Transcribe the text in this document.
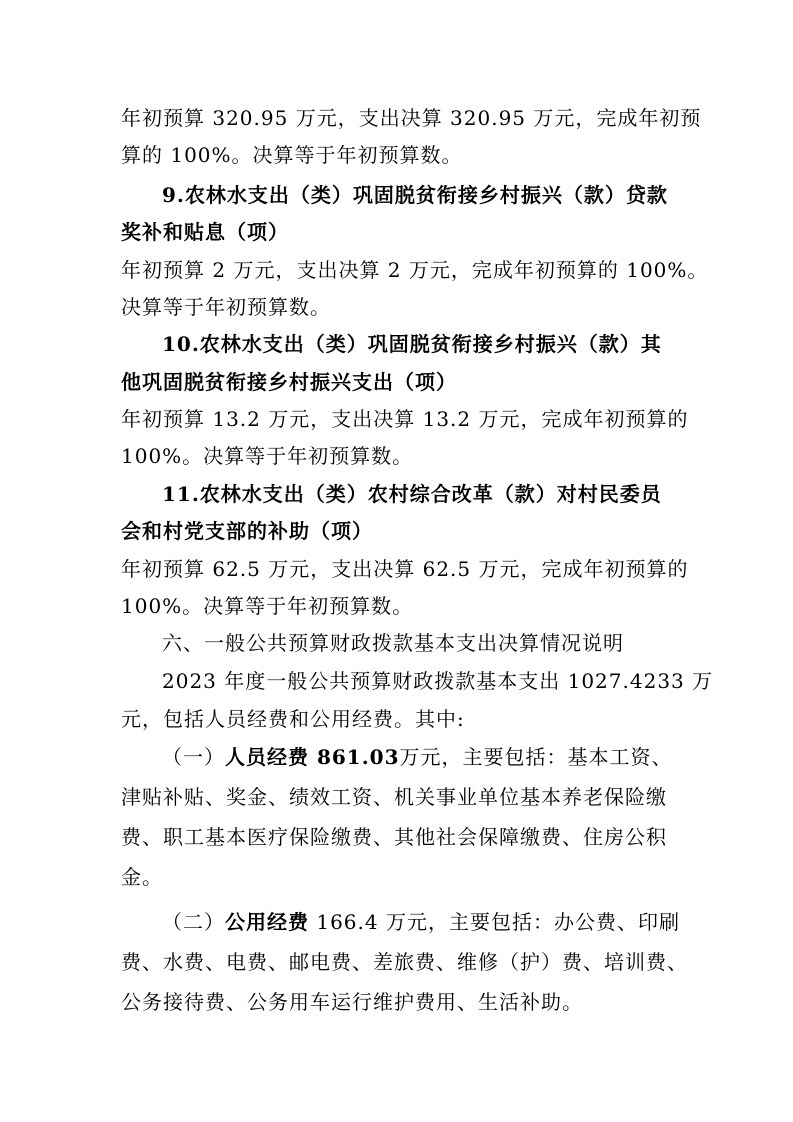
年初预算 320.95 万元，支出决算 320.95 万元，完成年初预
算的 100%。决算等于年初预算数。
9.农林水支出（类）巩固脱贫衔接乡村振兴（款）贷款
奖补和贴息（项）
年初预算 2 万元，支出决算 2 万元，完成年初预算的 100%。
决算等于年初预算数。
10.农林水支出（类）巩固脱贫衔接乡村振兴（款）其
他巩固脱贫衔接乡村振兴支出（项）
年初预算 13.2 万元，支出决算 13.2 万元，完成年初预算的
100%。决算等于年初预算数。
11.农林水支出（类）农村综合改革（款）对村民委员
会和村党支部的补助（项）
年初预算 62.5 万元，支出决算 62.5 万元，完成年初预算的
100%。决算等于年初预算数。
六、一般公共预算财政拨款基本支出决算情况说明
2023 年度一般公共预算财政拨款基本支出 1027.4233 万
元，包括人员经费和公用经费。其中:
（一）人员经费 861.03万元，主要包括：基本工资、
津贴补贴、奖金、绩效工资、机关事业单位基本养老保险缴
费、职工基本医疗保险缴费、其他社会保障缴费、住房公积
金。
（二）公用经费 166.4 万元，主要包括：办公费、印刷
费、水费、电费、邮电费、差旅费、维修（护）费、培训费、
公务接待费、公务用车运行维护费用、生活补助。
